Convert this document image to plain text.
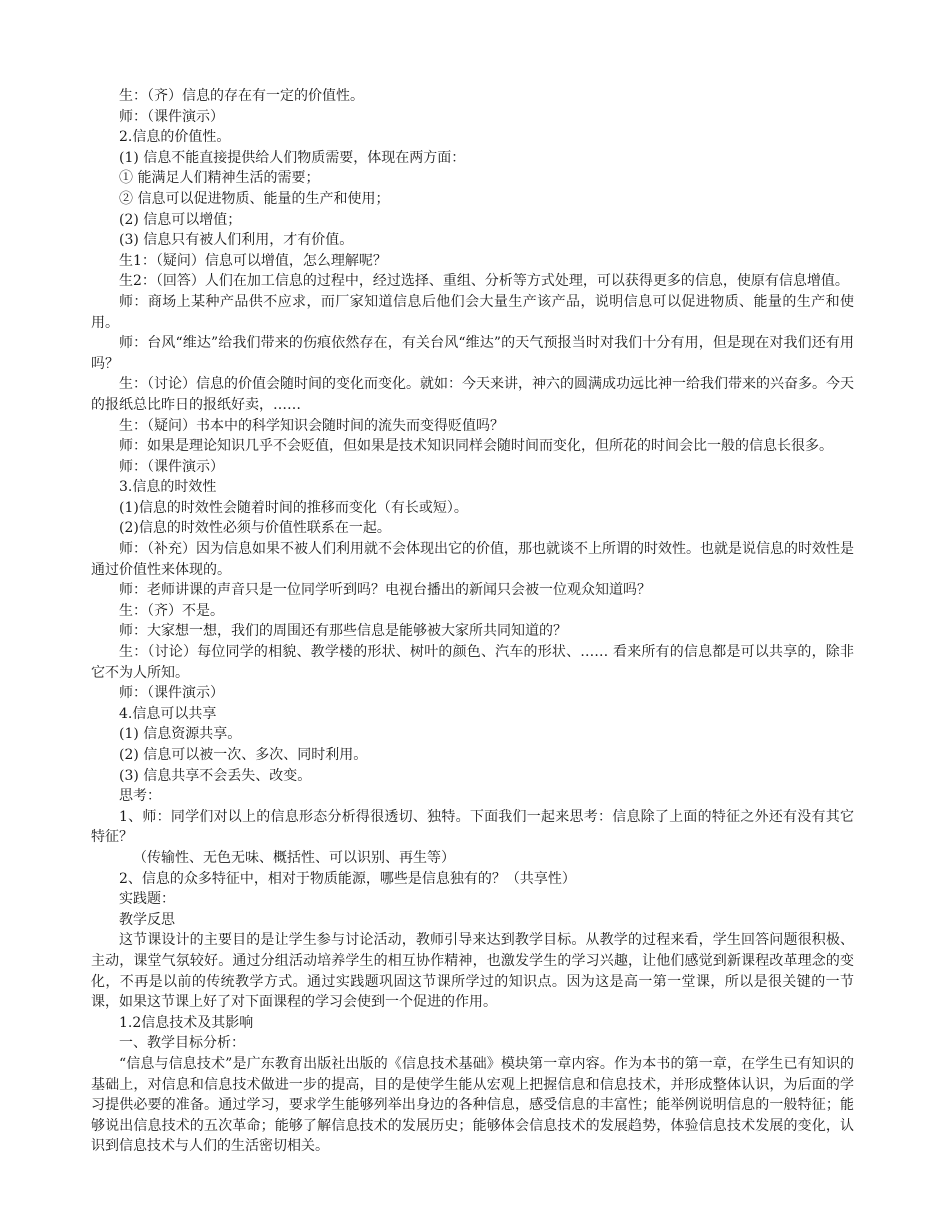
生：（齐）信息的存在有一定的价值性。

师：（课件演示）

2.信息的价值性。

(1) 信息不能直接提供给人们物质需要，体现在两方面：

① 能满足人们精神生活的需要；

② 信息可以促进物质、能量的生产和使用；

(2) 信息可以增值；

(3) 信息只有被人们利用，才有价值。

生1：（疑问）信息可以增值，怎么理解呢？

生2：（回答）人们在加工信息的过程中，经过选择、重组、分析等方式处理，可以获得更多的信息，使原有信息增值。

师：商场上某种产品供不应求，而厂家知道信息后他们会大量生产该产品，说明信息可以促进物质、能量的生产和使用。

师：台风“维达”给我们带来的伤痕依然存在，有关台风“维达”的天气预报当时对我们十分有用，但是现在对我们还有用吗？

生：（讨论）信息的价值会随时间的变化而变化。就如：今天来讲，神六的圆满成功远比神一给我们带来的兴奋多。今天的报纸总比昨日的报纸好卖，……

生：（疑问）书本中的科学知识会随时间的流失而变得贬值吗？

师：如果是理论知识几乎不会贬值，但如果是技术知识同样会随时间而变化，但所花的时间会比一般的信息长很多。

师：（课件演示）

3.信息的时效性

(1)信息的时效性会随着时间的推移而变化（有长或短）。

(2)信息的时效性必须与价值性联系在一起。

师：（补充）因为信息如果不被人们利用就不会体现出它的价值，那也就谈不上所谓的时效性。也就是说信息的时效性是通过价值性来体现的。

师：老师讲课的声音只是一位同学听到吗？电视台播出的新闻只会被一位观众知道吗？

生：（齐）不是。

师：大家想一想，我们的周围还有那些信息是能够被大家所共同知道的？

生：（讨论）每位同学的相貌、教学楼的形状、树叶的颜色、汽车的形状、…… 看来所有的信息都是可以共享的，除非它不为人所知。

师：（课件演示）

4.信息可以共享

(1) 信息资源共享。

(2) 信息可以被一次、多次、同时利用。

(3) 信息共享不会丢失、改变。

思考：

1、师：同学们对以上的信息形态分析得很透切、独特。下面我们一起来思考：信息除了上面的特征之外还有没有其它特征？

（传输性、无色无味、概括性、可以识别、再生等）

2、信息的众多特征中，相对于物质能源，哪些是信息独有的？（共享性）

实践题：

教学反思

这节课设计的主要目的是让学生参与讨论活动，教师引导来达到教学目标。从教学的过程来看，学生回答问题很积极、主动，课堂气氛较好。通过分组活动培养学生的相互协作精神，也激发学生的学习兴趣，让他们感觉到新课程改革理念的变化，不再是以前的传统教学方式。通过实践题巩固这节课所学过的知识点。因为这是高一第一堂课，所以是很关键的一节课，如果这节课上好了对下面课程的学习会使到一个促进的作用。

1.2信息技术及其影响

一、教学目标分析：

“信息与信息技术”是广东教育出版社出版的《信息技术基础》模块第一章内容。作为本书的第一章，在学生已有知识的基础上，对信息和信息技术做进一步的提高，目的是使学生能从宏观上把握信息和信息技术，并形成整体认识，为后面的学习提供必要的准备。通过学习，要求学生能够列举出身边的各种信息，感受信息的丰富性；能举例说明信息的一般特征；能够说出信息技术的五次革命；能够了解信息技术的发展历史；能够体会信息技术的发展趋势，体验信息技术发展的变化，认识到信息技术与人们的生活密切相关。
